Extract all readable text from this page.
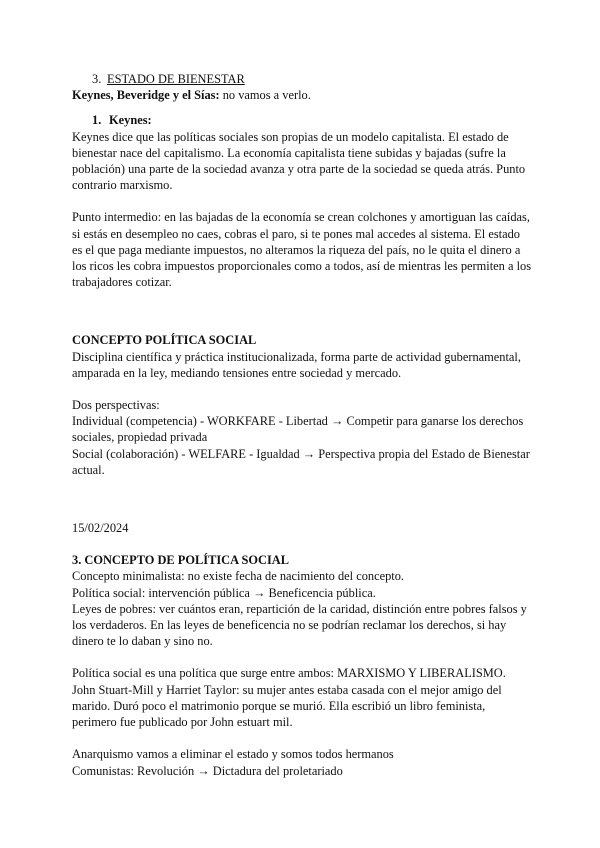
3. ESTADO DE BIENESTAR

Keynes, Beveridge y el Sías: no vamos a verlo.

1. Keynes:

Keynes dice que las políticas sociales son propias de un modelo capitalista. El estado de bienestar nace del capitalismo. La economía capitalista tiene subidas y bajadas (sufre la población) una parte de la sociedad avanza y otra parte de la sociedad se queda atrás. Punto contrario marxismo.

Punto intermedio: en las bajadas de la economía se crean colchones y amortiguan las caídas, si estás en desempleo no caes, cobras el paro, si te pones mal accedes al sistema. El estado es el que paga mediante impuestos, no alteramos la riqueza del país, no le quita el dinero a los ricos les cobra impuestos proporcionales como a todos, así de mientras les permiten a los trabajadores cotizar.

CONCEPTO POLÍTICA SOCIAL

Disciplina científica y práctica institucionalizada, forma parte de actividad gubernamental, amparada en la ley, mediando tensiones entre sociedad y mercado.

Dos perspectivas:

Individual (competencia) - WORKFARE - Libertad → Competir para ganarse los derechos sociales, propiedad privada

Social (colaboración) - WELFARE - Igualdad → Perspectiva propia del Estado de Bienestar actual.

15/02/2024

3. CONCEPTO DE POLÍTICA SOCIAL

Concepto minimalista: no existe fecha de nacimiento del concepto.

Política social: intervención pública → Beneficencia pública.

Leyes de pobres: ver cuántos eran, repartición de la caridad, distinción entre pobres falsos y los verdaderos. En las leyes de beneficencia no se podrían reclamar los derechos, si hay dinero te lo daban y sino no.

Política social es una política que surge entre ambos: MARXISMO Y LIBERALISMO.

John Stuart-Mill y Harriet Taylor: su mujer antes estaba casada con el mejor amigo del marido. Duró poco el matrimonio porque se murió. Ella escribió un libro feminista, perimero fue publicado por John estuart mil.

Anarquismo vamos a eliminar el estado y somos todos hermanos

Comunistas: Revolución → Dictadura del proletariado
